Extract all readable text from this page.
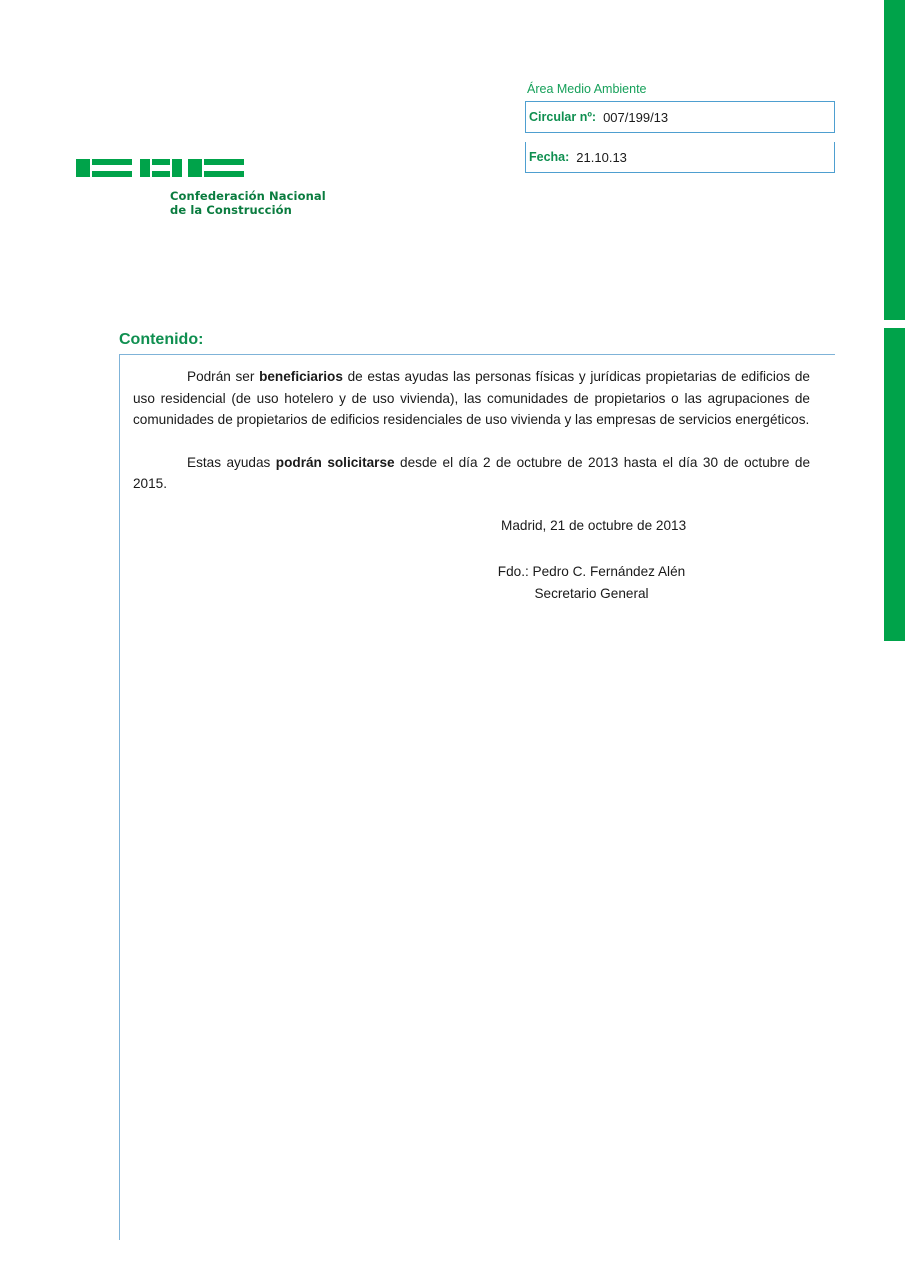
Confederación Nacional
de la Construcción
Área Medio Ambiente
Circular nº: 007/199/13
Fecha: 21.10.13
Contenido:

Podrán ser beneficiarios de estas ayudas las personas físicas y jurídicas propietarias de edificios de uso residencial (de uso hotelero y de uso vivienda), las comunidades de propietarios o las agrupaciones de comunidades de propietarios de edificios residenciales de uso vivienda y las empresas de servicios energéticos.

Estas ayudas podrán solicitarse desde el día 2 de octubre de 2013 hasta el día 30 de octubre de 2015.

Madrid, 21 de octubre de 2013
Fdo.: Pedro C. Fernández Alén
Secretario General
